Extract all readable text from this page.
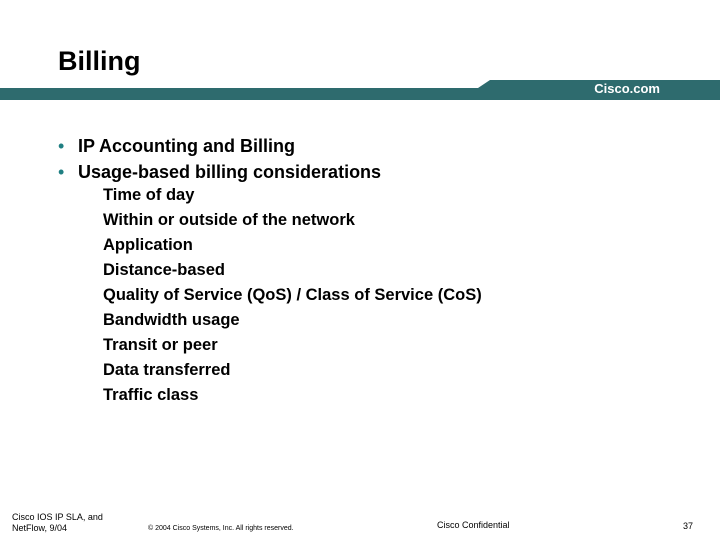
Billing
Cisco.com
• IP Accounting and Billing
• Usage-based billing considerations
Time of day
Within or outside of the network
Application
Distance-based
Quality of Service (QoS) / Class of Service (CoS)
Bandwidth usage
Transit or peer
Data transferred
Traffic class
Cisco IOS IP SLA, and
NetFlow, 9/04	© 2004 Cisco Systems, Inc. All rights reserved.	Cisco Confidential	37
